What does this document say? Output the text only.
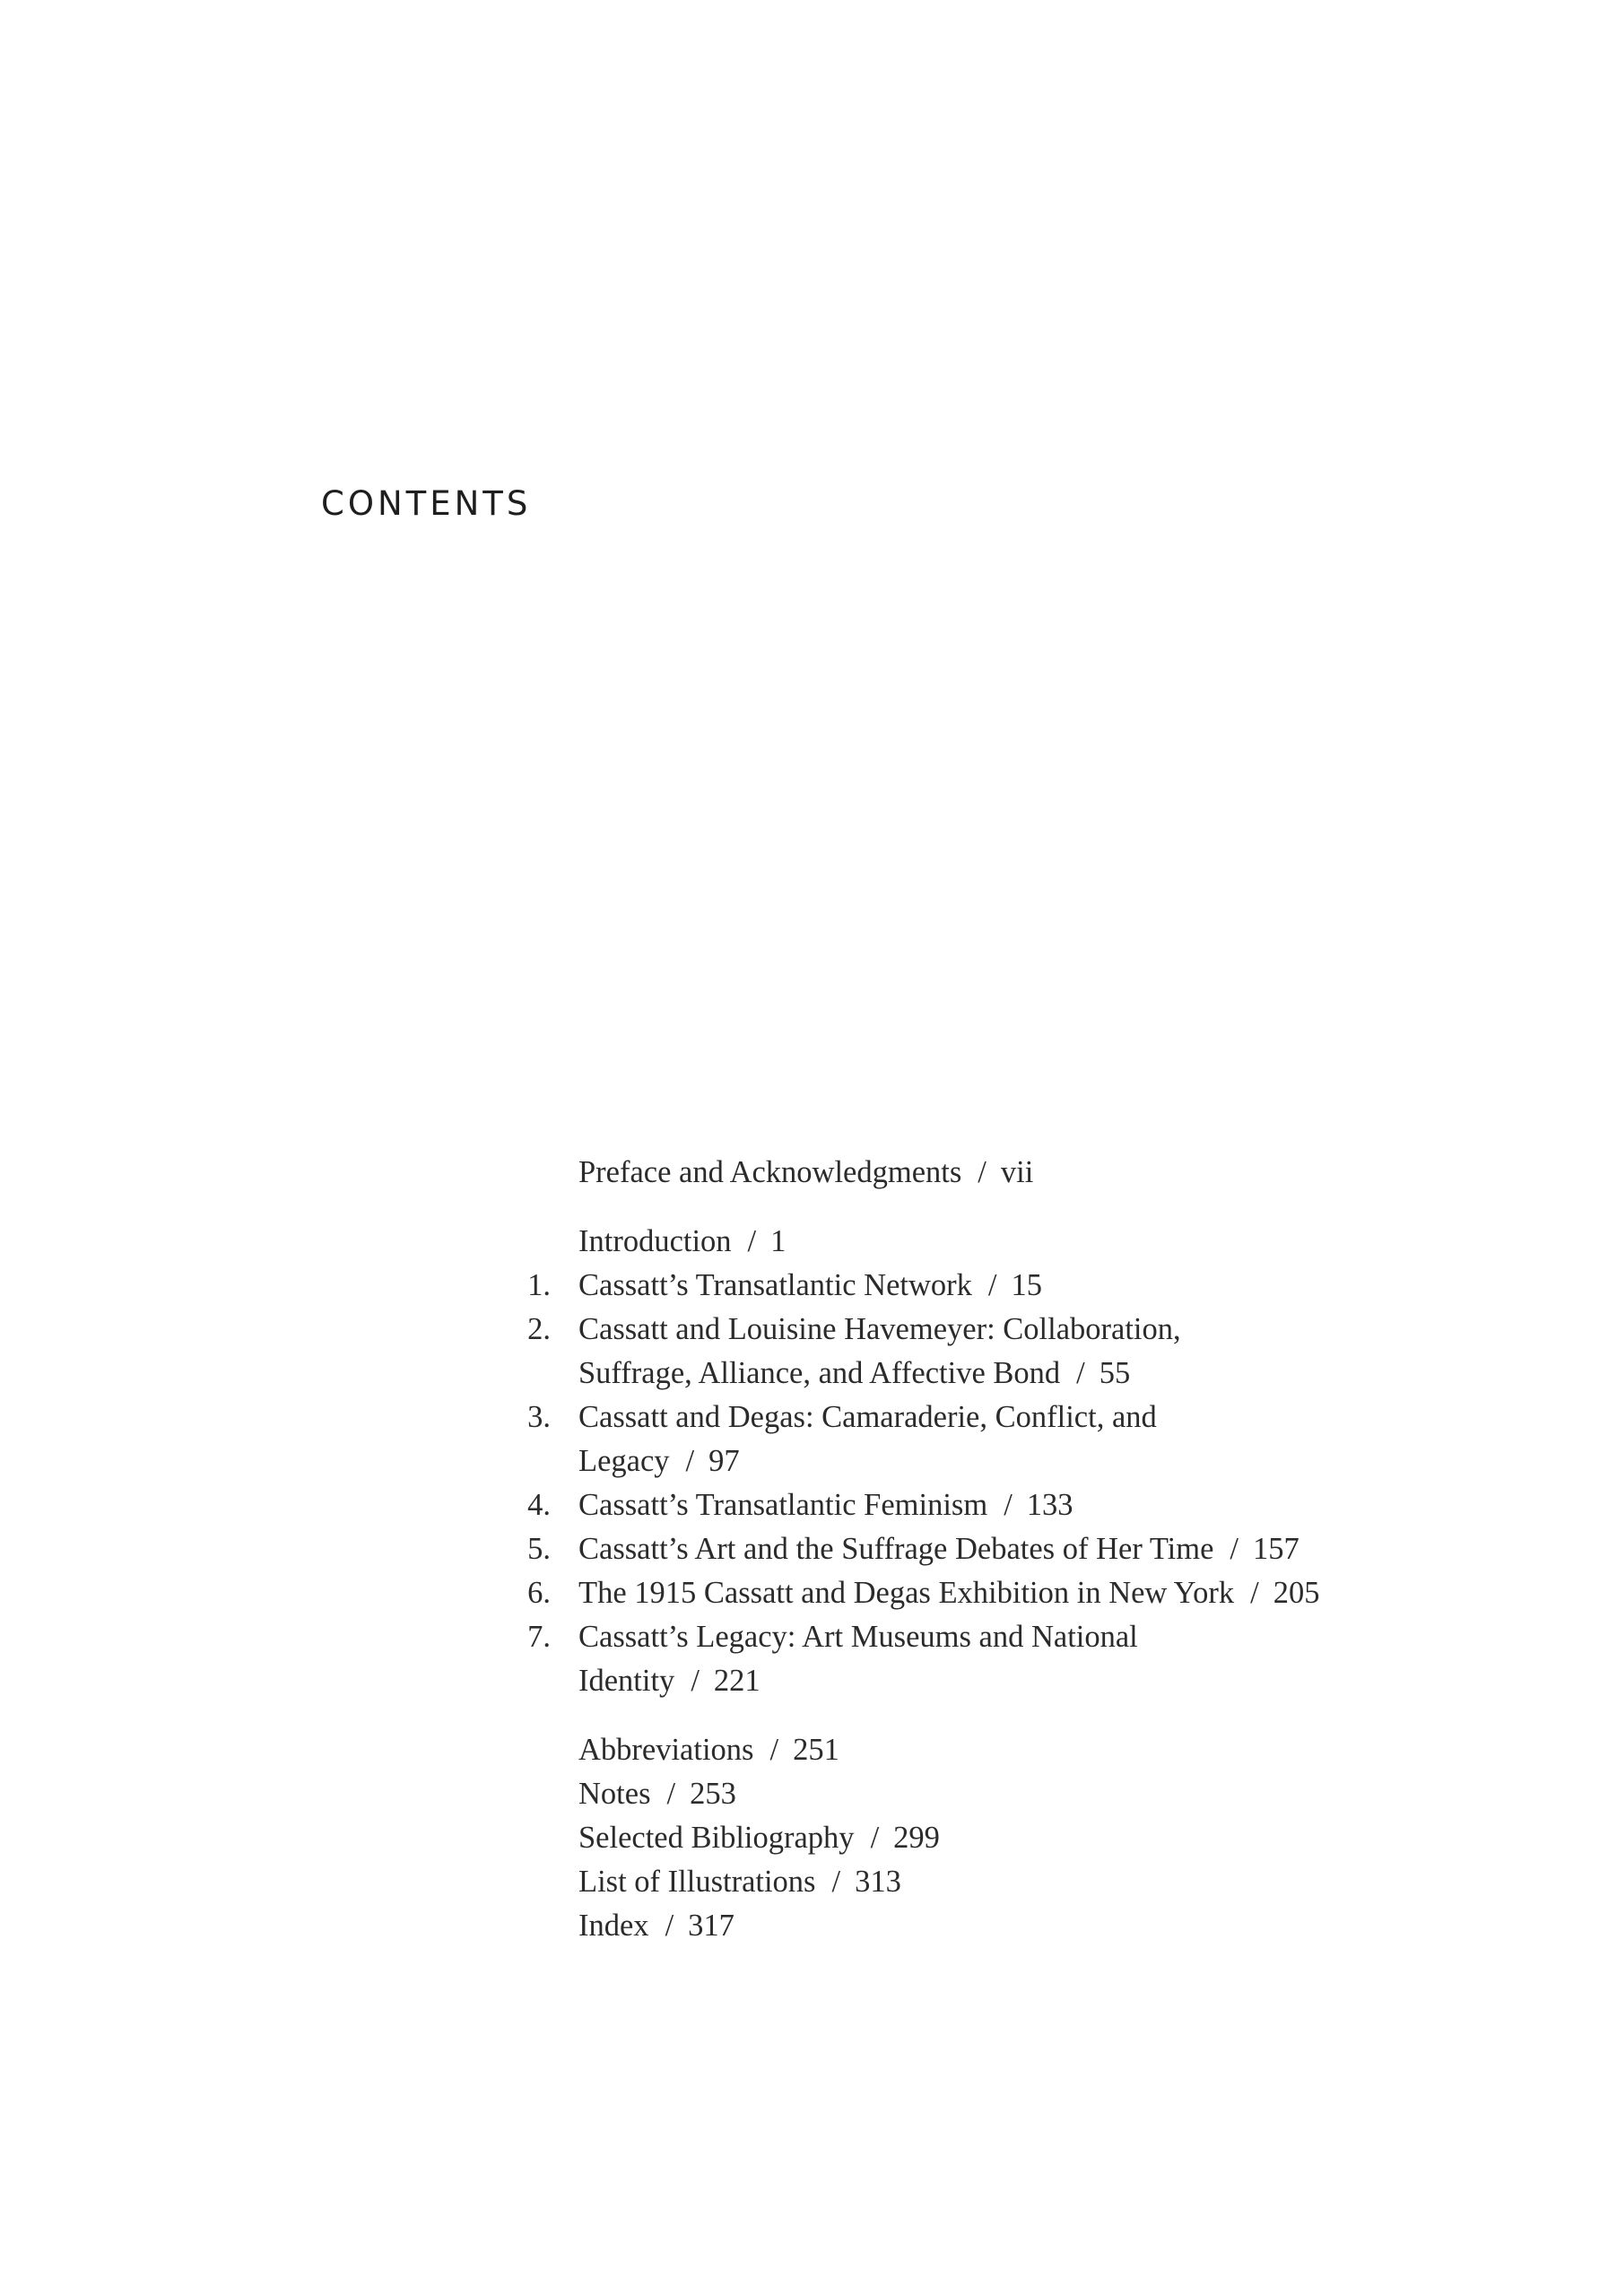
CONTENTS
Preface and Acknowledgments / vii
Introduction / 1
1. Cassatt’s Transatlantic Network / 15
2. Cassatt and Louisine Havemeyer: Collaboration,
Suffrage, Alliance, and Affective Bond / 55
3. Cassatt and Degas: Camaraderie, Conflict, and
Legacy / 97
4. Cassatt’s Transatlantic Feminism / 133
5. Cassatt’s Art and the Suffrage Debates of Her Time / 157
6. The 1915 Cassatt and Degas Exhibition in New York / 205
7. Cassatt’s Legacy: Art Museums and National
Identity / 221
Abbreviations / 251
Notes / 253
Selected Bibliography / 299
List of Illustrations / 313
Index / 317
